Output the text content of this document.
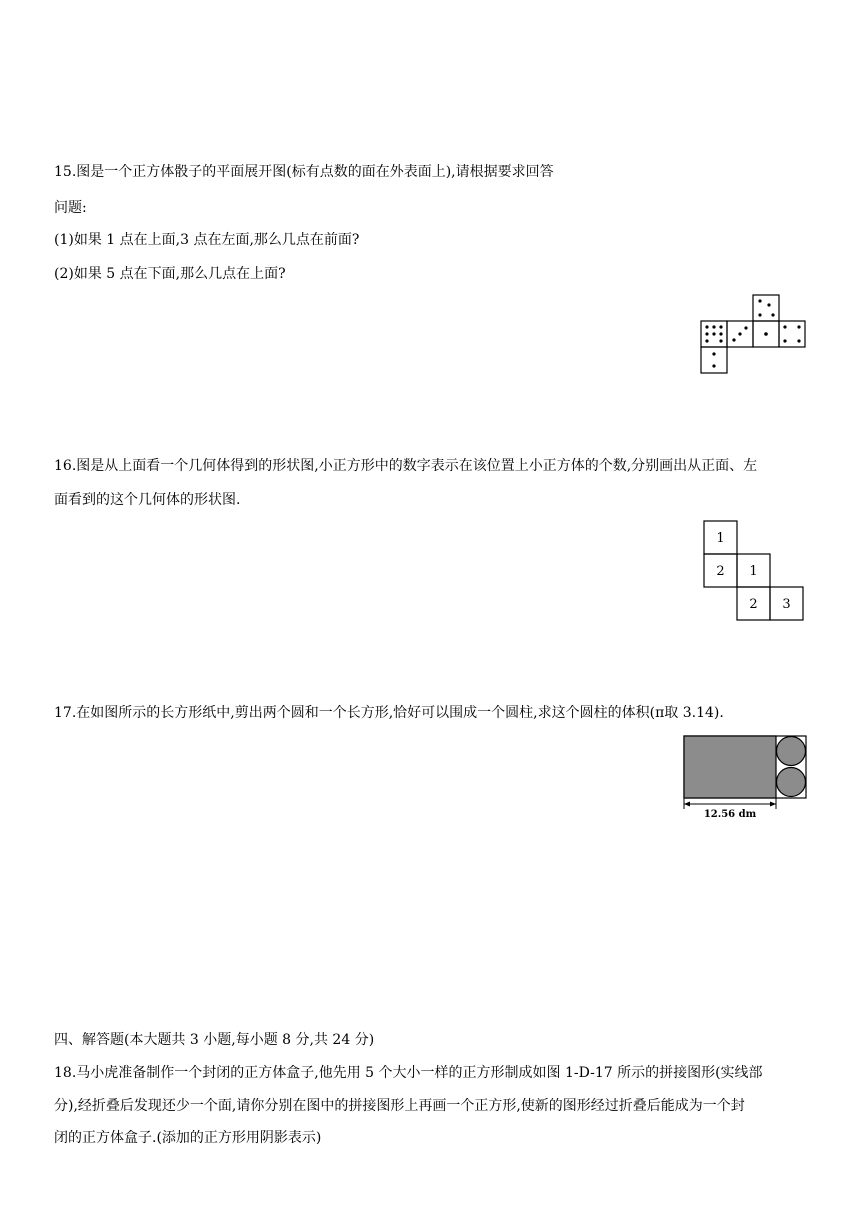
15.图是一个正方体骰子的平面展开图(标有点数的面在外表面上),请根据要求回答

问题:

(1)如果 1 点在上面,3 点在左面,那么几点在前面?

(2)如果 5 点在下面,那么几点在上面?

16.图是从上面看一个几何体得到的形状图,小正方形中的数字表示在该位置上小正方体的个数,分别画出从正面、左

面看到的这个几何体的形状图.

1
2 1
2 3

17.在如图所示的长方形纸中,剪出两个圆和一个长方形,恰好可以围成一个圆柱,求这个圆柱的体积(π取 3.14).

12.56 dm

四、解答题(本大题共 3 小题,每小题 8 分,共 24 分)

18.马小虎准备制作一个封闭的正方体盒子,他先用 5 个大小一样的正方形制成如图 1-D-17 所示的拼接图形(实线部

分),经折叠后发现还少一个面,请你分别在图中的拼接图形上再画一个正方形,使新的图形经过折叠后能成为一个封

闭的正方体盒子.(添加的正方形用阴影表示)
